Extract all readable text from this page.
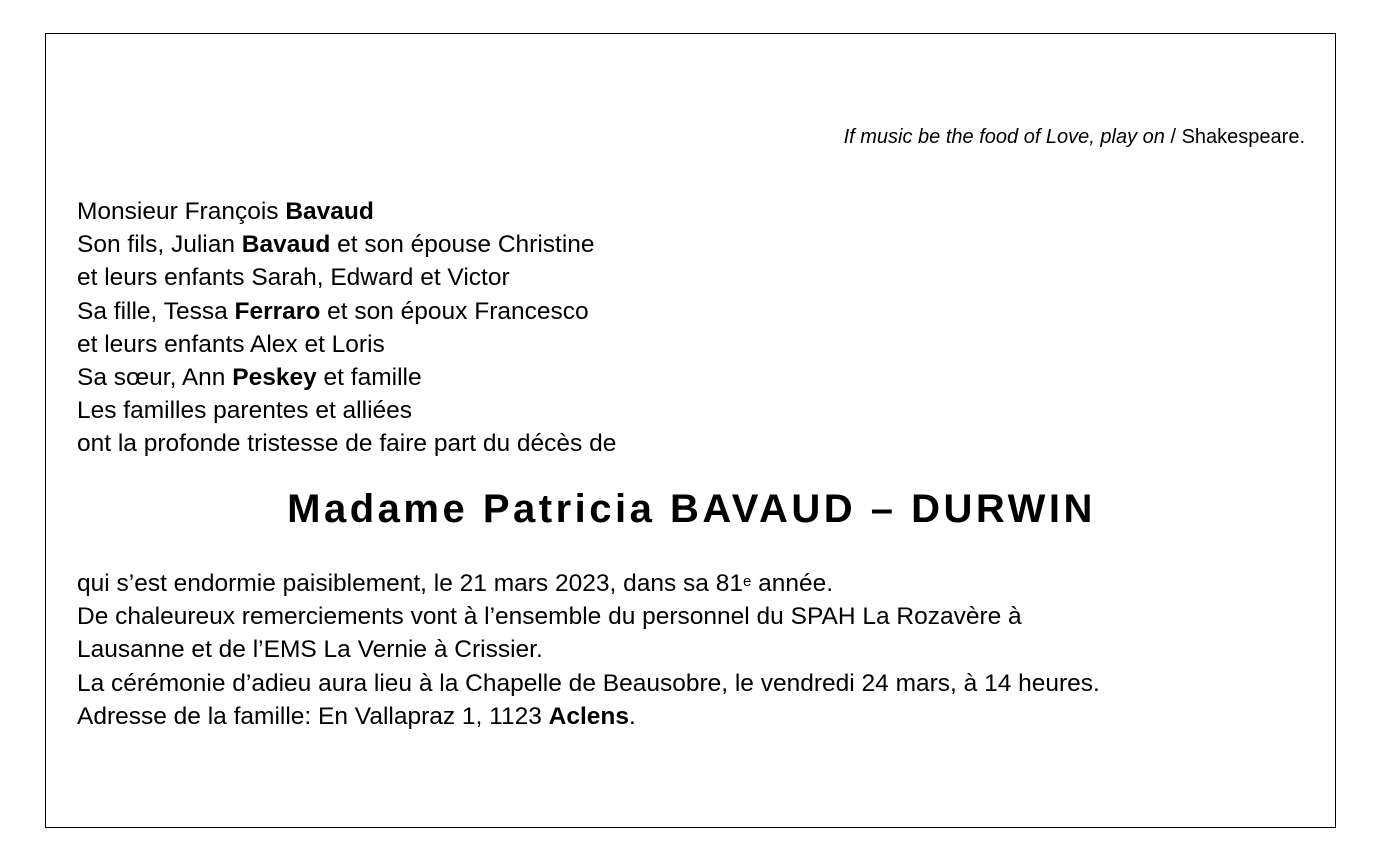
If music be the food of Love, play on / Shakespeare.
Monsieur François Bavaud
Son fils, Julian Bavaud et son épouse Christine
et leurs enfants Sarah, Edward et Victor
Sa fille, Tessa Ferraro et son époux Francesco
et leurs enfants Alex et Loris
Sa sœur, Ann Peskey et famille
Les familles parentes et alliées
ont la profonde tristesse de faire part du décès de
Madame Patricia BAVAUD – DURWIN
qui s’est endormie paisiblement, le 21 mars 2023, dans sa 81e année.
De chaleureux remerciements vont à l’ensemble du personnel du SPAH La Rozavère à
Lausanne et de l’EMS La Vernie à Crissier.
La cérémonie d’adieu aura lieu à la Chapelle de Beausobre, le vendredi 24 mars, à 14 heures.
Adresse de la famille: En Vallapraz 1, 1123 Aclens.
